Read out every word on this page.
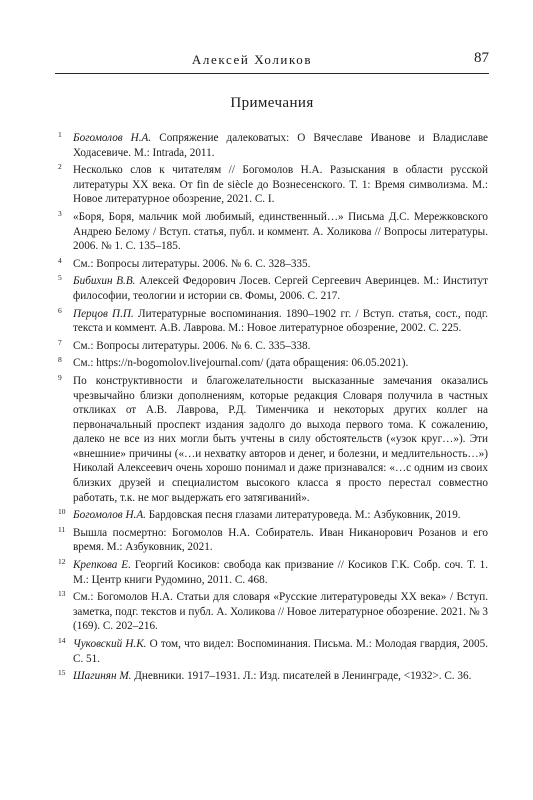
Алексей Холиков	87
Примечания
1 Богомолов Н.А. Сопряжение далековатых: О Вячеславе Иванове и Владиславе Ходасевиче. М.: Intrada, 2011.
2 Несколько слов к читателям // Богомолов Н.А. Разыскания в области русской литературы XX века. От fin de siècle до Вознесенского. Т. 1: Время символизма. М.: Новое литературное обозрение, 2021. С. I.
3 «Боря, Боря, мальчик мой любимый, единственный…» Письма Д.С. Мережковского Андрею Белому / Вступ. статья, публ. и коммент. А. Холикова // Вопросы литературы. 2006. № 1. С. 135–185.
4 См.: Вопросы литературы. 2006. № 6. С. 328–335.
5 Бибихин В.В. Алексей Федорович Лосев. Сергей Сергеевич Аверинцев. М.: Институт философии, теологии и истории св. Фомы, 2006. С. 217.
6 Перцов П.П. Литературные воспоминания. 1890–1902 гг. / Вступ. статья, сост., подг. текста и коммент. А.В. Лаврова. М.: Новое литературное обозрение, 2002. С. 225.
7 См.: Вопросы литературы. 2006. № 6. С. 335–338.
8 См.: https://n-bogomolov.livejournal.com/ (дата обращения: 06.05.2021).
9 По конструктивности и благожелательности высказанные замечания оказались чрезвычайно близки дополнениям, которые редакция Словаря получила в частных откликах от А.В. Лаврова, Р.Д. Тименчика и некоторых других коллег на первоначальный проспект издания задолго до выхода первого тома. К сожалению, далеко не все из них могли быть учтены в силу обстоятельств («узок круг…»). Эти «внешние» причины («…и нехватку авторов и денег, и болезни, и медлительность…») Николай Алексеевич очень хорошо понимал и даже признавался: «…с одним из своих близких друзей и специалистом высокого класса я просто перестал совместно работать, т.к. не мог выдержать его затягиваний».
10 Богомолов Н.А. Бардовская песня глазами литературоведа. М.: Азбуковник, 2019.
11 Вышла посмертно: Богомолов Н.А. Собиратель. Иван Никанорович Розанов и его время. М.: Азбуковник, 2021.
12 Крепкова Е. Георгий Косиков: свобода как призвание // Косиков Г.К. Собр. соч. Т. 1. М.: Центр книги Рудомино, 2011. С. 468.
13 См.: Богомолов Н.А. Статьи для словаря «Русские литературоведы XX века» / Вступ. заметка, подг. текстов и публ. А. Холикова // Новое литературное обозрение. 2021. № 3 (169). С. 202–216.
14 Чуковский Н.К. О том, что видел: Воспоминания. Письма. М.: Молодая гвардия, 2005. С. 51.
15 Шагинян М. Дневники. 1917–1931. Л.: Изд. писателей в Ленинграде, <1932>. С. 36.
